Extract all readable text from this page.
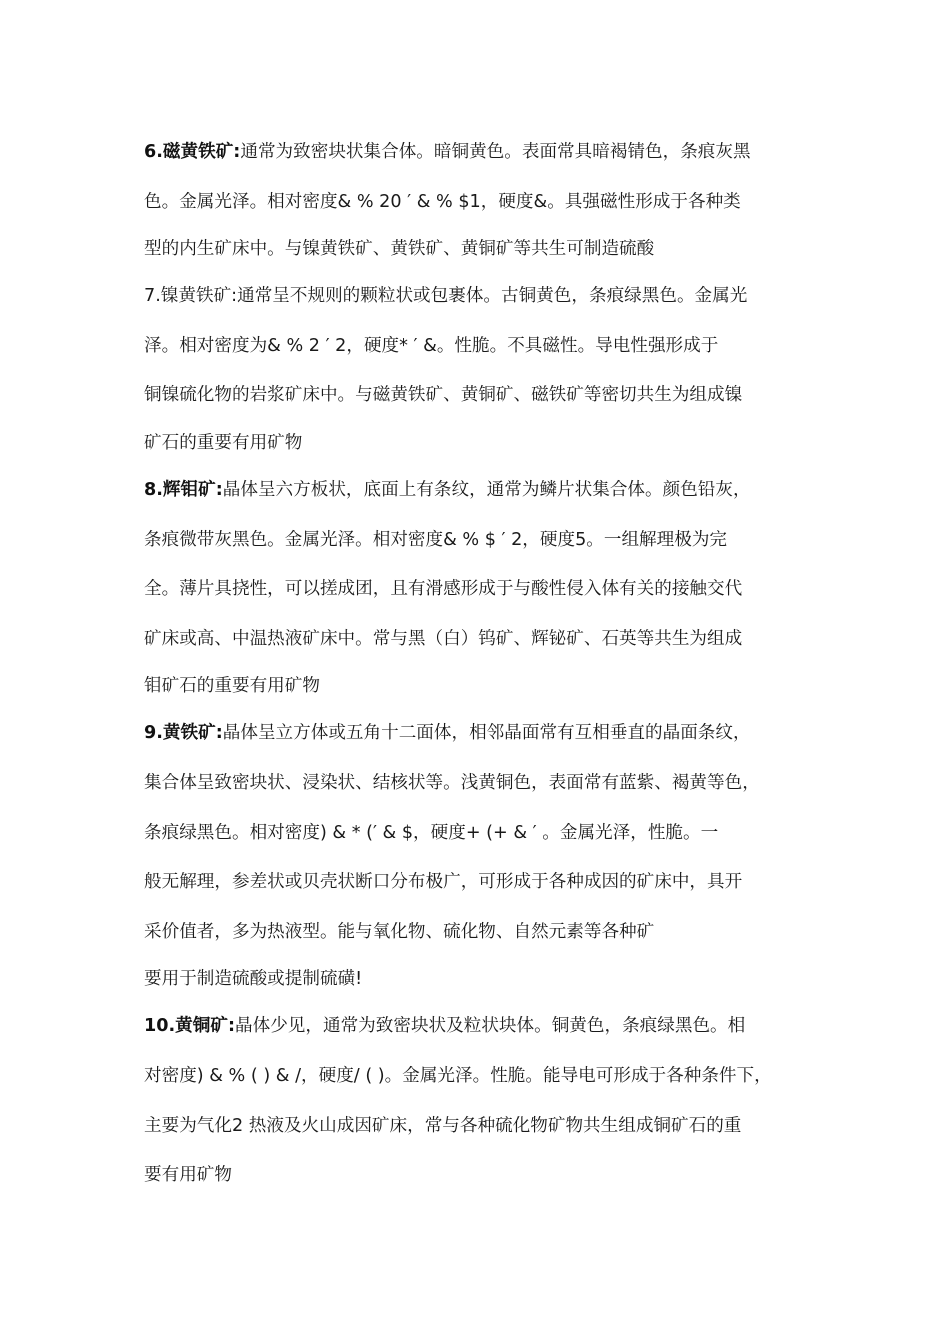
6.磁黄铁矿:通常为致密块状集合体。暗铜黄色。表面常具暗褐锖色，条痕灰黑
色。金属光泽。相对密度& % 20 ′ & % $1，硬度&。具强磁性形成于各种类
型的内生矿床中。与镍黄铁矿、黄铁矿、黄铜矿等共生可制造硫酸
7.镍黄铁矿:通常呈不规则的颗粒状或包裹体。古铜黄色，条痕绿黑色。金属光
泽。相对密度为& % 2 ′ 2，硬度* ′ &。性脆。不具磁性。导电性强形成于
铜镍硫化物的岩浆矿床中。与磁黄铁矿、黄铜矿、磁铁矿等密切共生为组成镍
矿石的重要有用矿物
8.辉钼矿:晶体呈六方板状，底面上有条纹，通常为鳞片状集合体。颜色铅灰，
条痕微带灰黑色。金属光泽。相对密度& % $ ′ 2，硬度5。一组解理极为完
全。薄片具挠性，可以搓成团，且有滑感形成于与酸性侵入体有关的接触交代
矿床或高、中温热液矿床中。常与黑（白）钨矿、辉铋矿、石英等共生为组成
钼矿石的重要有用矿物
9.黄铁矿:晶体呈立方体或五角十二面体，相邻晶面常有互相垂直的晶面条纹，
集合体呈致密块状、浸染状、结核状等。浅黄铜色，表面常有蓝紫、褐黄等色，
条痕绿黑色。相对密度) & * (′ & $，硬度+ (+ & ′ 。金属光泽，性脆。一
般无解理，参差状或贝壳状断口分布极广，可形成于各种成因的矿床中，具开
采价值者，多为热液型。能与氧化物、硫化物、自然元素等各种矿
要用于制造硫酸或提制硫磺!
10.黄铜矿:晶体少见，通常为致密块状及粒状块体。铜黄色，条痕绿黑色。相
对密度) & % ( ) & /，硬度/ ( )。金属光泽。性脆。能导电可形成于各种条件下，
主要为气化2 热液及火山成因矿床，常与各种硫化物矿物共生组成铜矿石的重
要有用矿物
